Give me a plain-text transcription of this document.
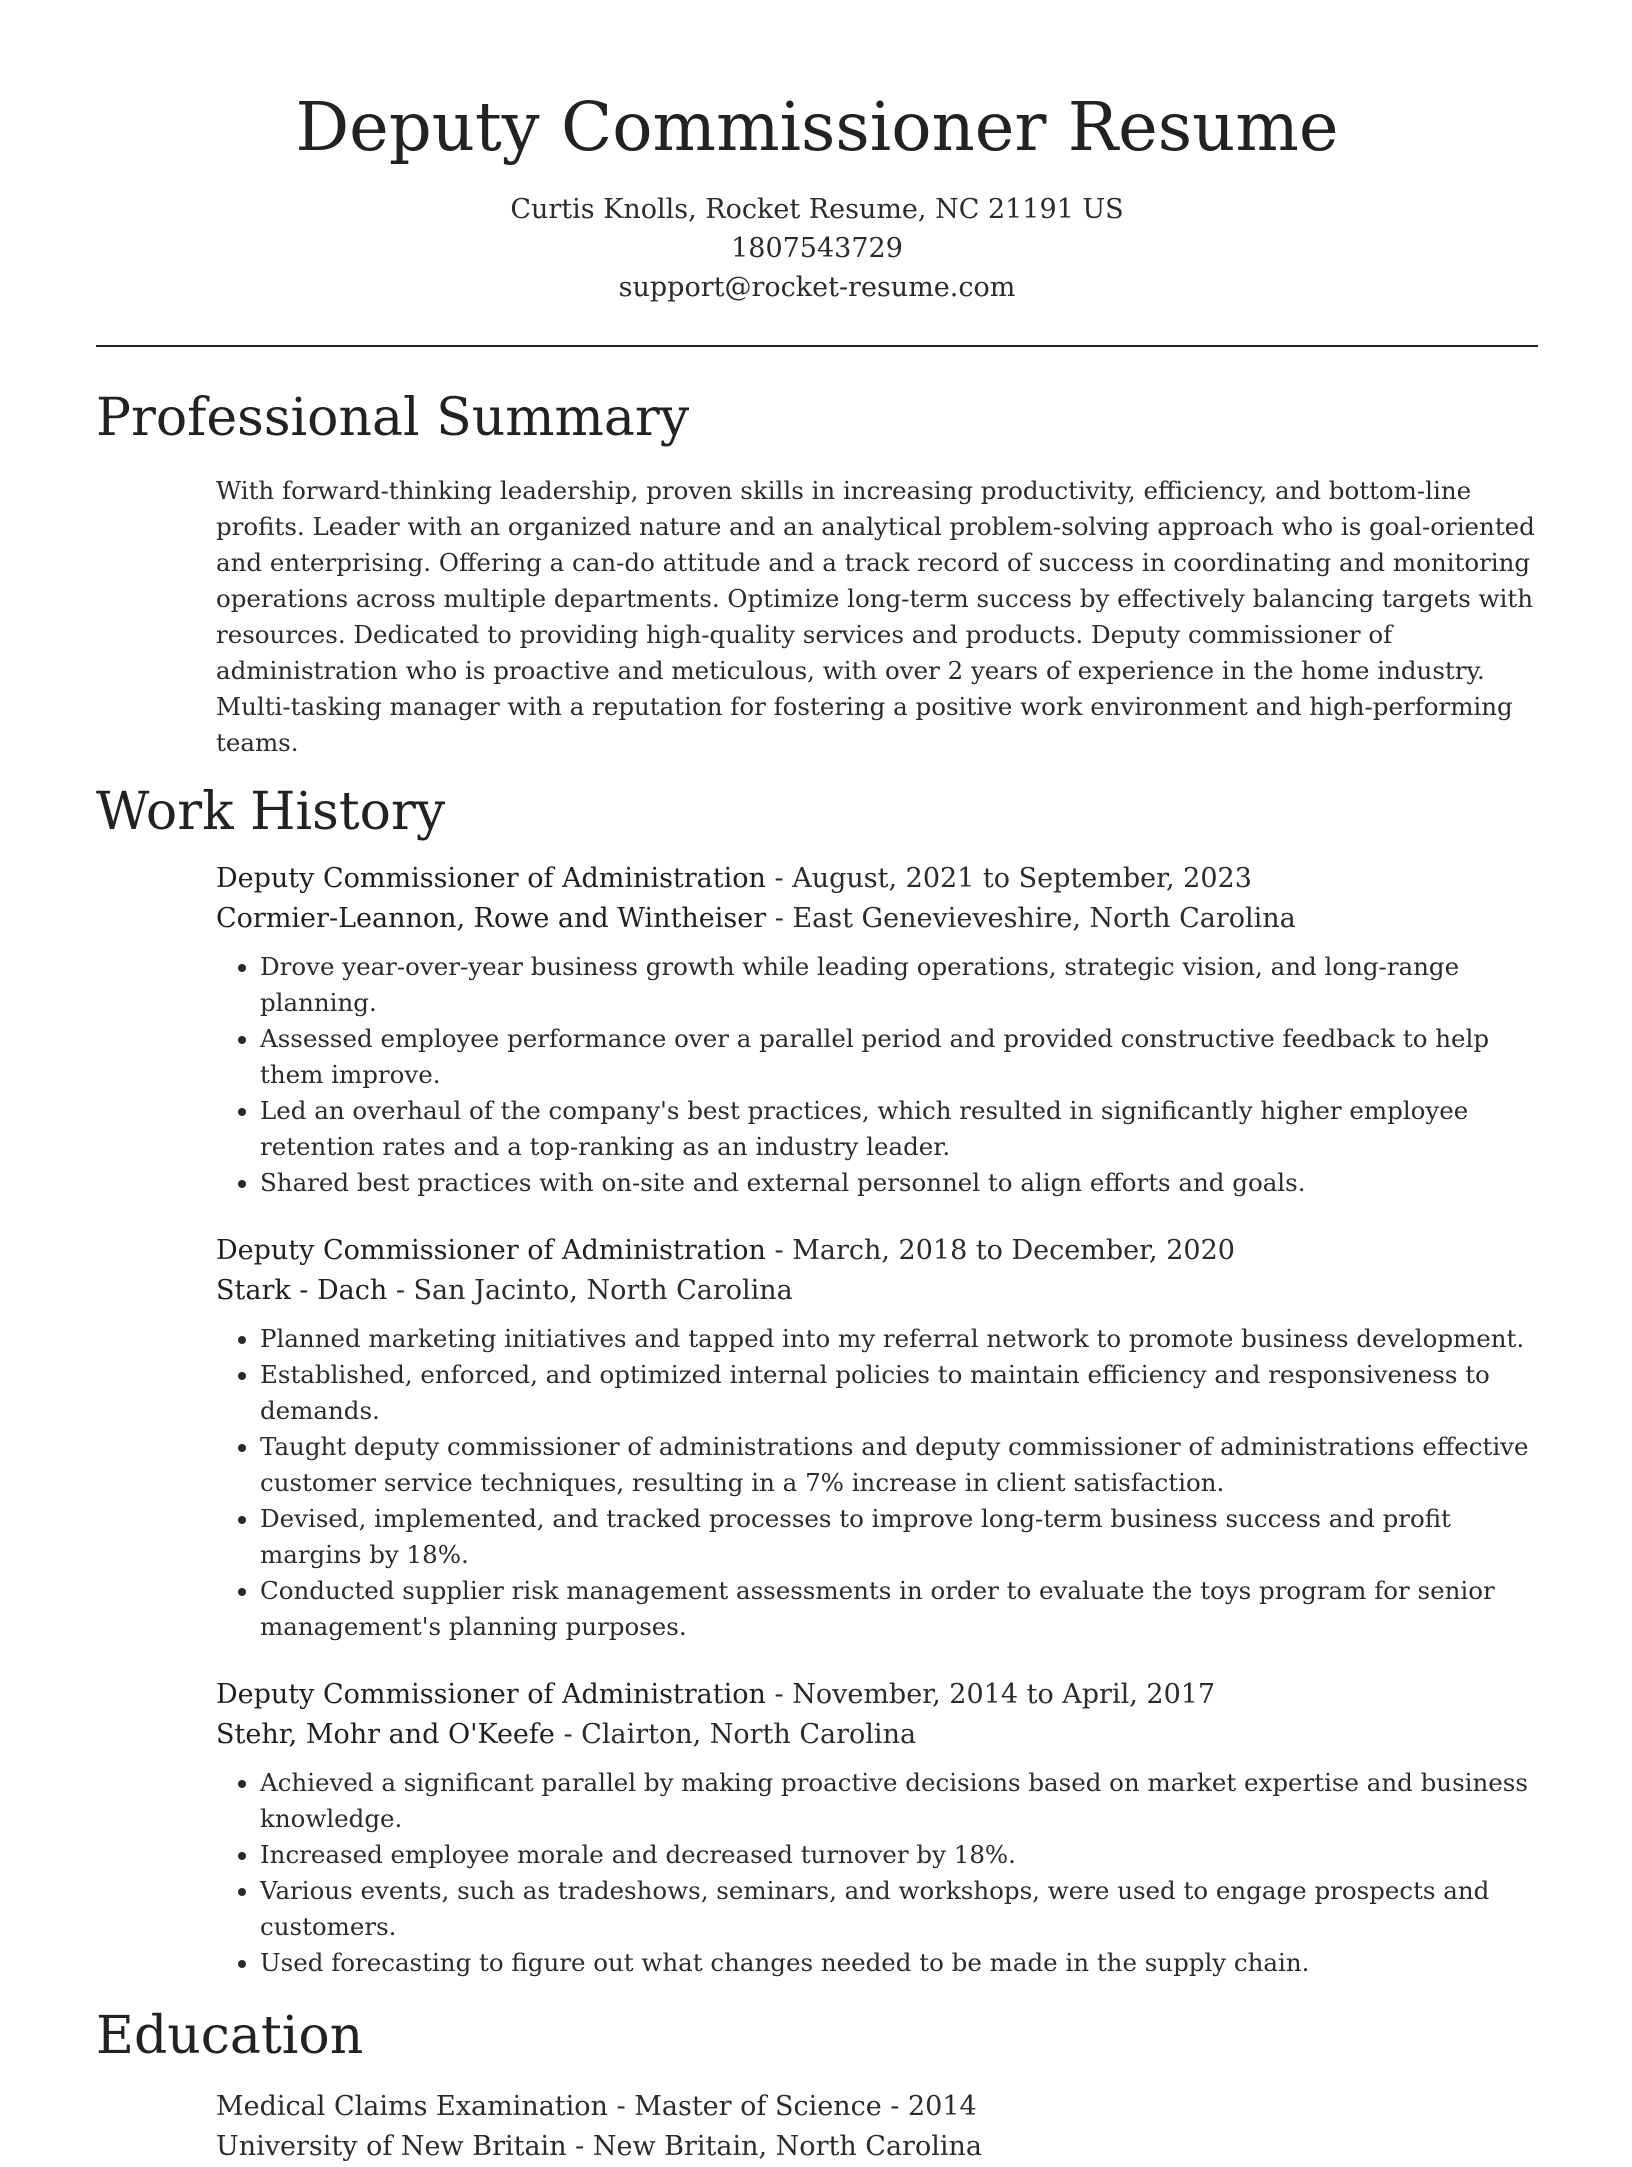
Deputy Commissioner Resume
Curtis Knolls, Rocket Resume, NC 21191 US
1807543729
support@rocket-resume.com
Professional Summary
With forward-thinking leadership, proven skills in increasing productivity, efficiency, and bottom-line profits. Leader with an organized nature and an analytical problem-solving approach who is goal-oriented and enterprising. Offering a can-do attitude and a track record of success in coordinating and monitoring operations across multiple departments. Optimize long-term success by effectively balancing targets with resources. Dedicated to providing high-quality services and products. Deputy commissioner of administration who is proactive and meticulous, with over 2 years of experience in the home industry. Multi-tasking manager with a reputation for fostering a positive work environment and high-performing teams.
Work History
Deputy Commissioner of Administration - August, 2021 to September, 2023
Cormier-Leannon, Rowe and Wintheiser - East Genevieveshire, North Carolina
• Drove year-over-year business growth while leading operations, strategic vision, and long-range planning.
• Assessed employee performance over a parallel period and provided constructive feedback to help them improve.
• Led an overhaul of the company's best practices, which resulted in significantly higher employee retention rates and a top-ranking as an industry leader.
• Shared best practices with on-site and external personnel to align efforts and goals.
Deputy Commissioner of Administration - March, 2018 to December, 2020
Stark - Dach - San Jacinto, North Carolina
• Planned marketing initiatives and tapped into my referral network to promote business development.
• Established, enforced, and optimized internal policies to maintain efficiency and responsiveness to demands.
• Taught deputy commissioner of administrations and deputy commissioner of administrations effective customer service techniques, resulting in a 7% increase in client satisfaction.
• Devised, implemented, and tracked processes to improve long-term business success and profit margins by 18%.
• Conducted supplier risk management assessments in order to evaluate the toys program for senior management's planning purposes.
Deputy Commissioner of Administration - November, 2014 to April, 2017
Stehr, Mohr and O'Keefe - Clairton, North Carolina
• Achieved a significant parallel by making proactive decisions based on market expertise and business knowledge.
• Increased employee morale and decreased turnover by 18%.
• Various events, such as tradeshows, seminars, and workshops, were used to engage prospects and customers.
• Used forecasting to figure out what changes needed to be made in the supply chain.
Education
Medical Claims Examination - Master of Science - 2014
University of New Britain - New Britain, North Carolina
